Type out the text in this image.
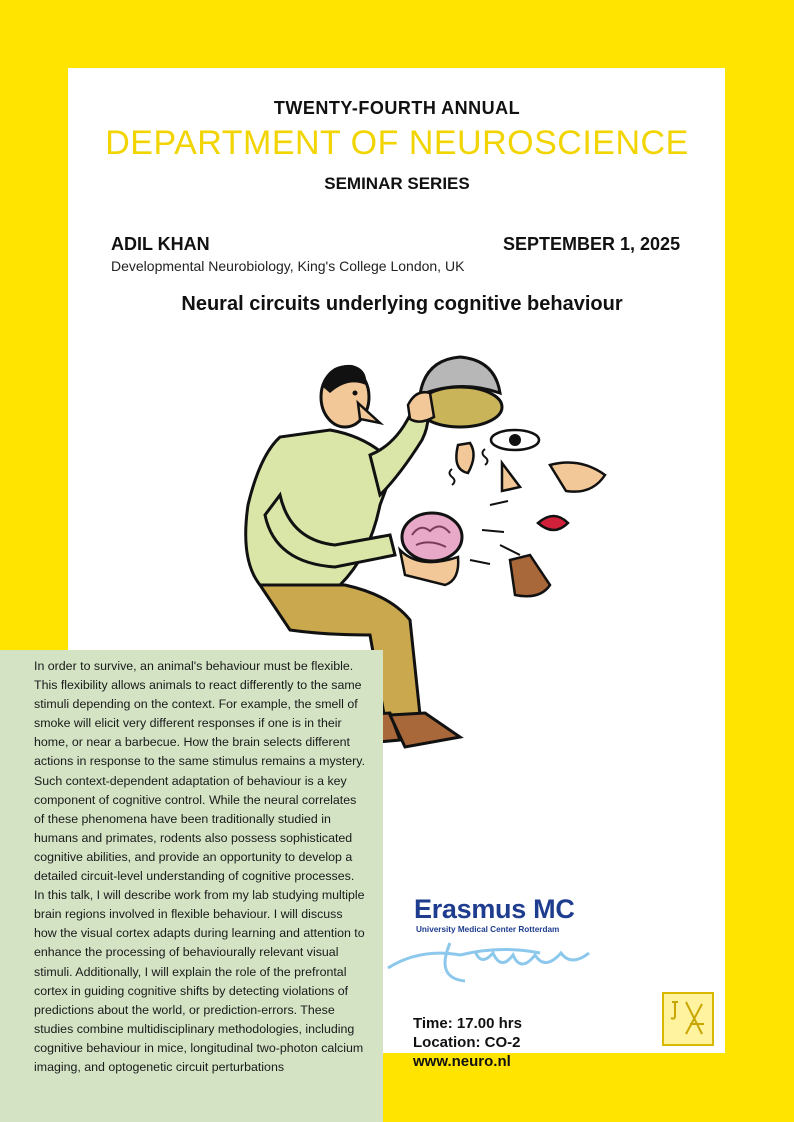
TWENTY-FOURTH ANNUAL
DEPARTMENT OF NEUROSCIENCE
SEMINAR SERIES
ADIL KHAN
Developmental Neurobiology, King's College London, UK
SEPTEMBER 1, 2025
Neural circuits underlying cognitive behaviour
In order to survive, an animal's behaviour must be flexible. This flexibility allows animals to react differently to the same stimuli depending on the context. For example, the smell of smoke will elicit very different responses if one is in their home, or near a barbecue. How the brain selects different actions in response to the same stimulus remains a mystery. Such context-dependent adaptation of behaviour is a key component of cognitive control. While the neural correlates of these phenomena have been traditionally studied in humans and primates, rodents also possess sophisticated cognitive abilities, and provide an opportunity to develop a detailed circuit-level understanding of cognitive processes. In this talk, I will describe work from my lab studying multiple brain regions involved in flexible behaviour. I will discuss how the visual cortex adapts during learning and attention to enhance the processing of behaviourally relevant visual stimuli. Additionally, I will explain the role of the prefrontal cortex in guiding cognitive shifts by detecting violations of predictions about the world, or prediction-errors. These studies combine multidisciplinary methodologies, including cognitive behaviour in mice, longitudinal two-photon calcium imaging, and optogenetic circuit perturbations
Erasmus MC
University Medical Center Rotterdam
Erasmus
Time: 17.00 hrs
Location: CO-2
www.neuro.nl
Joost Swarte
